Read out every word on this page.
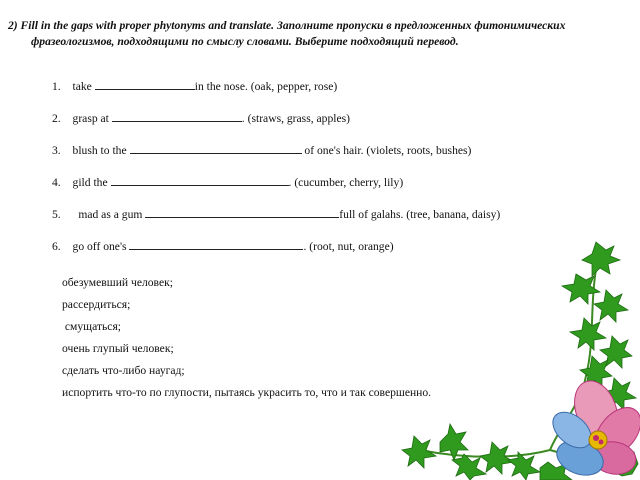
2) Fill in the gaps with proper phytonyms and translate. Заполните пропуски в предложенных фитонимических
фразеологизмов, подходящими по смыслу словами. Выберите подходящий перевод.
1. take	in the nose. (oak, pepper, rose)
2. grasp at	. (straws, grass, apples)
3. blush to the	of one's hair. (violets, roots, bushes)
4. gild the	. (cucumber, cherry, lily)
5.    mad as a gum	full of galahs. (tree, banana, daisy)
6. go off one's	. (root, nut, orange)
обезумевший человек;
рассердиться;
смущаться;
очень глупый человек;
сделать что-либо наугад;
испортить что-то по глупости, пытаясь украсить то, что и так совершенно.
